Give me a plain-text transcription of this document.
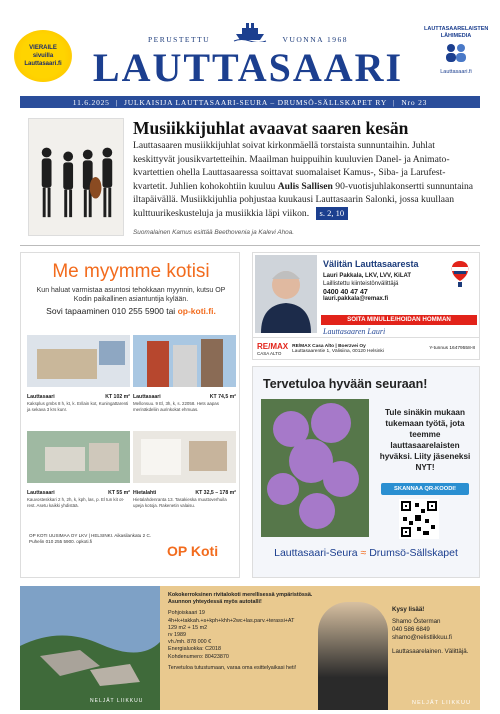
VIERAILE
sivuilla
Lauttasaari.fi
PERUSTETTU	VUONNA 1968
LAUTTASAARI
LAUTTASAARELAISTEN LÄHIMEDIA
Lauttasaari.fi
11.6.2025 | JULKAISIJA LAUTTASAARI-SEURA – DRUMSÖ-SÄLLSKAPET RY | Nro 23
Musiikkijuhlat avaavat saaren kesän
Lauttasaaren musiikkijuhlat soivat kirkonmäellä torstaista sunnuntaihin. Juhlat keskittyvät jousikvartetteihin. Maailman huippuihin kuuluvien Danel- ja Animato-kvartettien ohella Lauttasaaressa soittavat suomalaiset Kamus-, Siba- ja Larufest-kvartetit. Juhlien kohokohtiin kuuluu Aulis Sallisen 90-vuotisjuhlakonsertti sunnuntaina iltapäivällä. Musiikkijuhlia pohjustaa kuukausi Lauttasaarin Salonki, jossa kuullaan kulttuurikeskusteluja ja musiikkia läpi viikon. s. 2, 10
Suomalainen Kamus esittää Beethovenia ja Kalevi Ahoa.
Me myymme kotisi
Kun haluat varmistaa asuntosi tehokkaan myynnin, kutsu OP Kodin paikallinen asiantuntija kylään.
Sovi tapaaminen 010 255 5900 tai op-koti.fi.
Lauttasaari	KT 102 m²
Kaksplus gmbs 8 h, kt, k. Erilain kot, Kuningattarenti ja sekava 3 krs kunr.
Lauttasaari	KT 74,5 m²
Mellonsuu. 9 El, 3h, k, s. 22058. Hets aapas merinäkdeliin aurinkokat ehmuas.
Lauttasaari	KT 55 m²
Kauvosteskkari 2 h, 2h, k, kph, las, p. El tun kit ot-rest. Asetu kaikki yhdistää.
Hietalahti	KT 32,5 – 178 m²
Hietalahdenranta 13. Tasakieska muuttoverhuila upeja kotoja. Rakenetin valaisu.
OP KOTI UUSIMAA OY LKV | HELSINKI. Aikasilankatu 2 C. Puhelin 010 255 5900. opkoti.fi
OP Koti
Välitän Lauttasaaresta
Lauri Pakkala, LKV, LVV, KiLAT
Laillistettu kiinteistönvälittäjä
0400 40 47 47
lauri.pakkala@remax.fi
SOITA MINULLE/HOIDAN HOMMAN
Lauttasaaren Lauri
RE/MAX
CASA ALTO
RE/MAX Casa Alto | Boerzvei Oy
Lauttasaarentie 1, Välisiina, 00120 Helsinki	Y-tunnus 16479558-8
Tervetuloa hyvään seuraan!
Tule sinäkin mukaan tukemaan työtä, jota teemme lauttasaarelaisten hyväksi. Liity jäseneksi NYT!
SKANNAA QR-KOODI!
Lauttasaari-Seura ≈ Drumsö-Sällskapet
NELJÄT LIIKKUU
Kokokerroksinen rivitalokoti merellisessä ympäristössä. Asunnon yhteydessä myös autotalli!
Pohjoiskaari 19
4h+k+takkah.+s+kph+khh+2wc+las.parv.+terassi+AT
129 m2 + 15 m2
rv 1989
vh./mh. 878 000 €
Energialuokka: C2018
Kohdenumero: 80423870
Tervetuloa tutustumaan, varaa oma esittelyaikasi heti!
Kysy lisää!
Shamo Österman
040 586 6849
shamo@nelistlikkuu.fi
Lauttasaarelainen. Välittäjä.
NELJÄT LIIKKUU
